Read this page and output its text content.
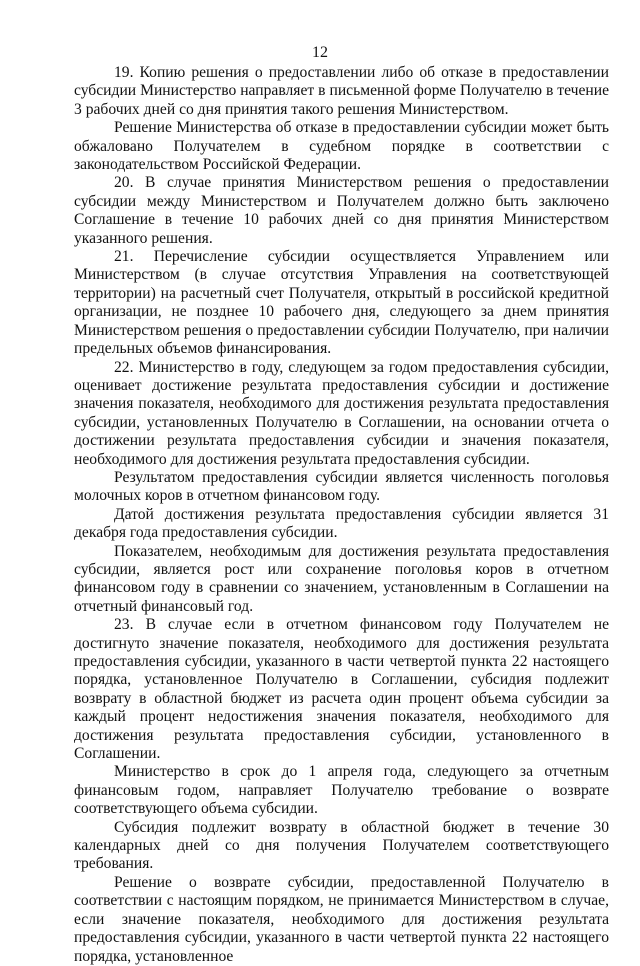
12

19. Копию решения о предоставлении либо об отказе в предоставлении субсидии Министерство направляет в письменной форме Получателю в течение 3 рабочих дней со дня принятия такого решения Министерством.

Решение Министерства об отказе в предоставлении субсидии может быть обжаловано Получателем в судебном порядке в соответствии с законодательством Российской Федерации.

20. В случае принятия Министерством решения о предоставлении субсидии между Министерством и Получателем должно быть заключено Соглашение в течение 10 рабочих дней со дня принятия Министерством указанного решения.

21. Перечисление субсидии осуществляется Управлением или Министерством (в случае отсутствия Управления на соответствующей территории) на расчетный счет Получателя, открытый в российской кредитной организации, не позднее 10 рабочего дня, следующего за днем принятия Министерством решения о предоставлении субсидии Получателю, при наличии предельных объемов финансирования.

22. Министерство в году, следующем за годом предоставления субсидии, оценивает достижение результата предоставления субсидии и достижение значения показателя, необходимого для достижения результата предоставления субсидии, установленных Получателю в Соглашении, на основании отчета о достижении результата предоставления субсидии и значения показателя, необходимого для достижения результата предоставления субсидии.

Результатом предоставления субсидии является численность поголовья молочных коров в отчетном финансовом году.

Датой достижения результата предоставления субсидии является 31 декабря года предоставления субсидии.

Показателем, необходимым для достижения результата предоставления субсидии, является рост или сохранение поголовья коров в отчетном финансовом году в сравнении со значением, установленным в Соглашении на отчетный финансовый год.

23. В случае если в отчетном финансовом году Получателем не достигнуто значение показателя, необходимого для достижения результата предоставления субсидии, указанного в части четвертой пункта 22 настоящего порядка, установленное Получателю в Соглашении, субсидия подлежит возврату в областной бюджет из расчета один процент объема субсидии за каждый процент недостижения значения показателя, необходимого для достижения результата предоставления субсидии, установленного в Соглашении.

Министерство в срок до 1 апреля года, следующего за отчетным финансовым годом, направляет Получателю требование о возврате соответствующего объема субсидии.

Субсидия подлежит возврату в областной бюджет в течение 30 календарных дней со дня получения Получателем соответствующего требования.

Решение о возврате субсидии, предоставленной Получателю в соответствии с настоящим порядком, не принимается Министерством в случае, если значение показателя, необходимого для достижения результата предоставления субсидии, указанного в части четвертой пункта 22 настоящего порядка, установленное
